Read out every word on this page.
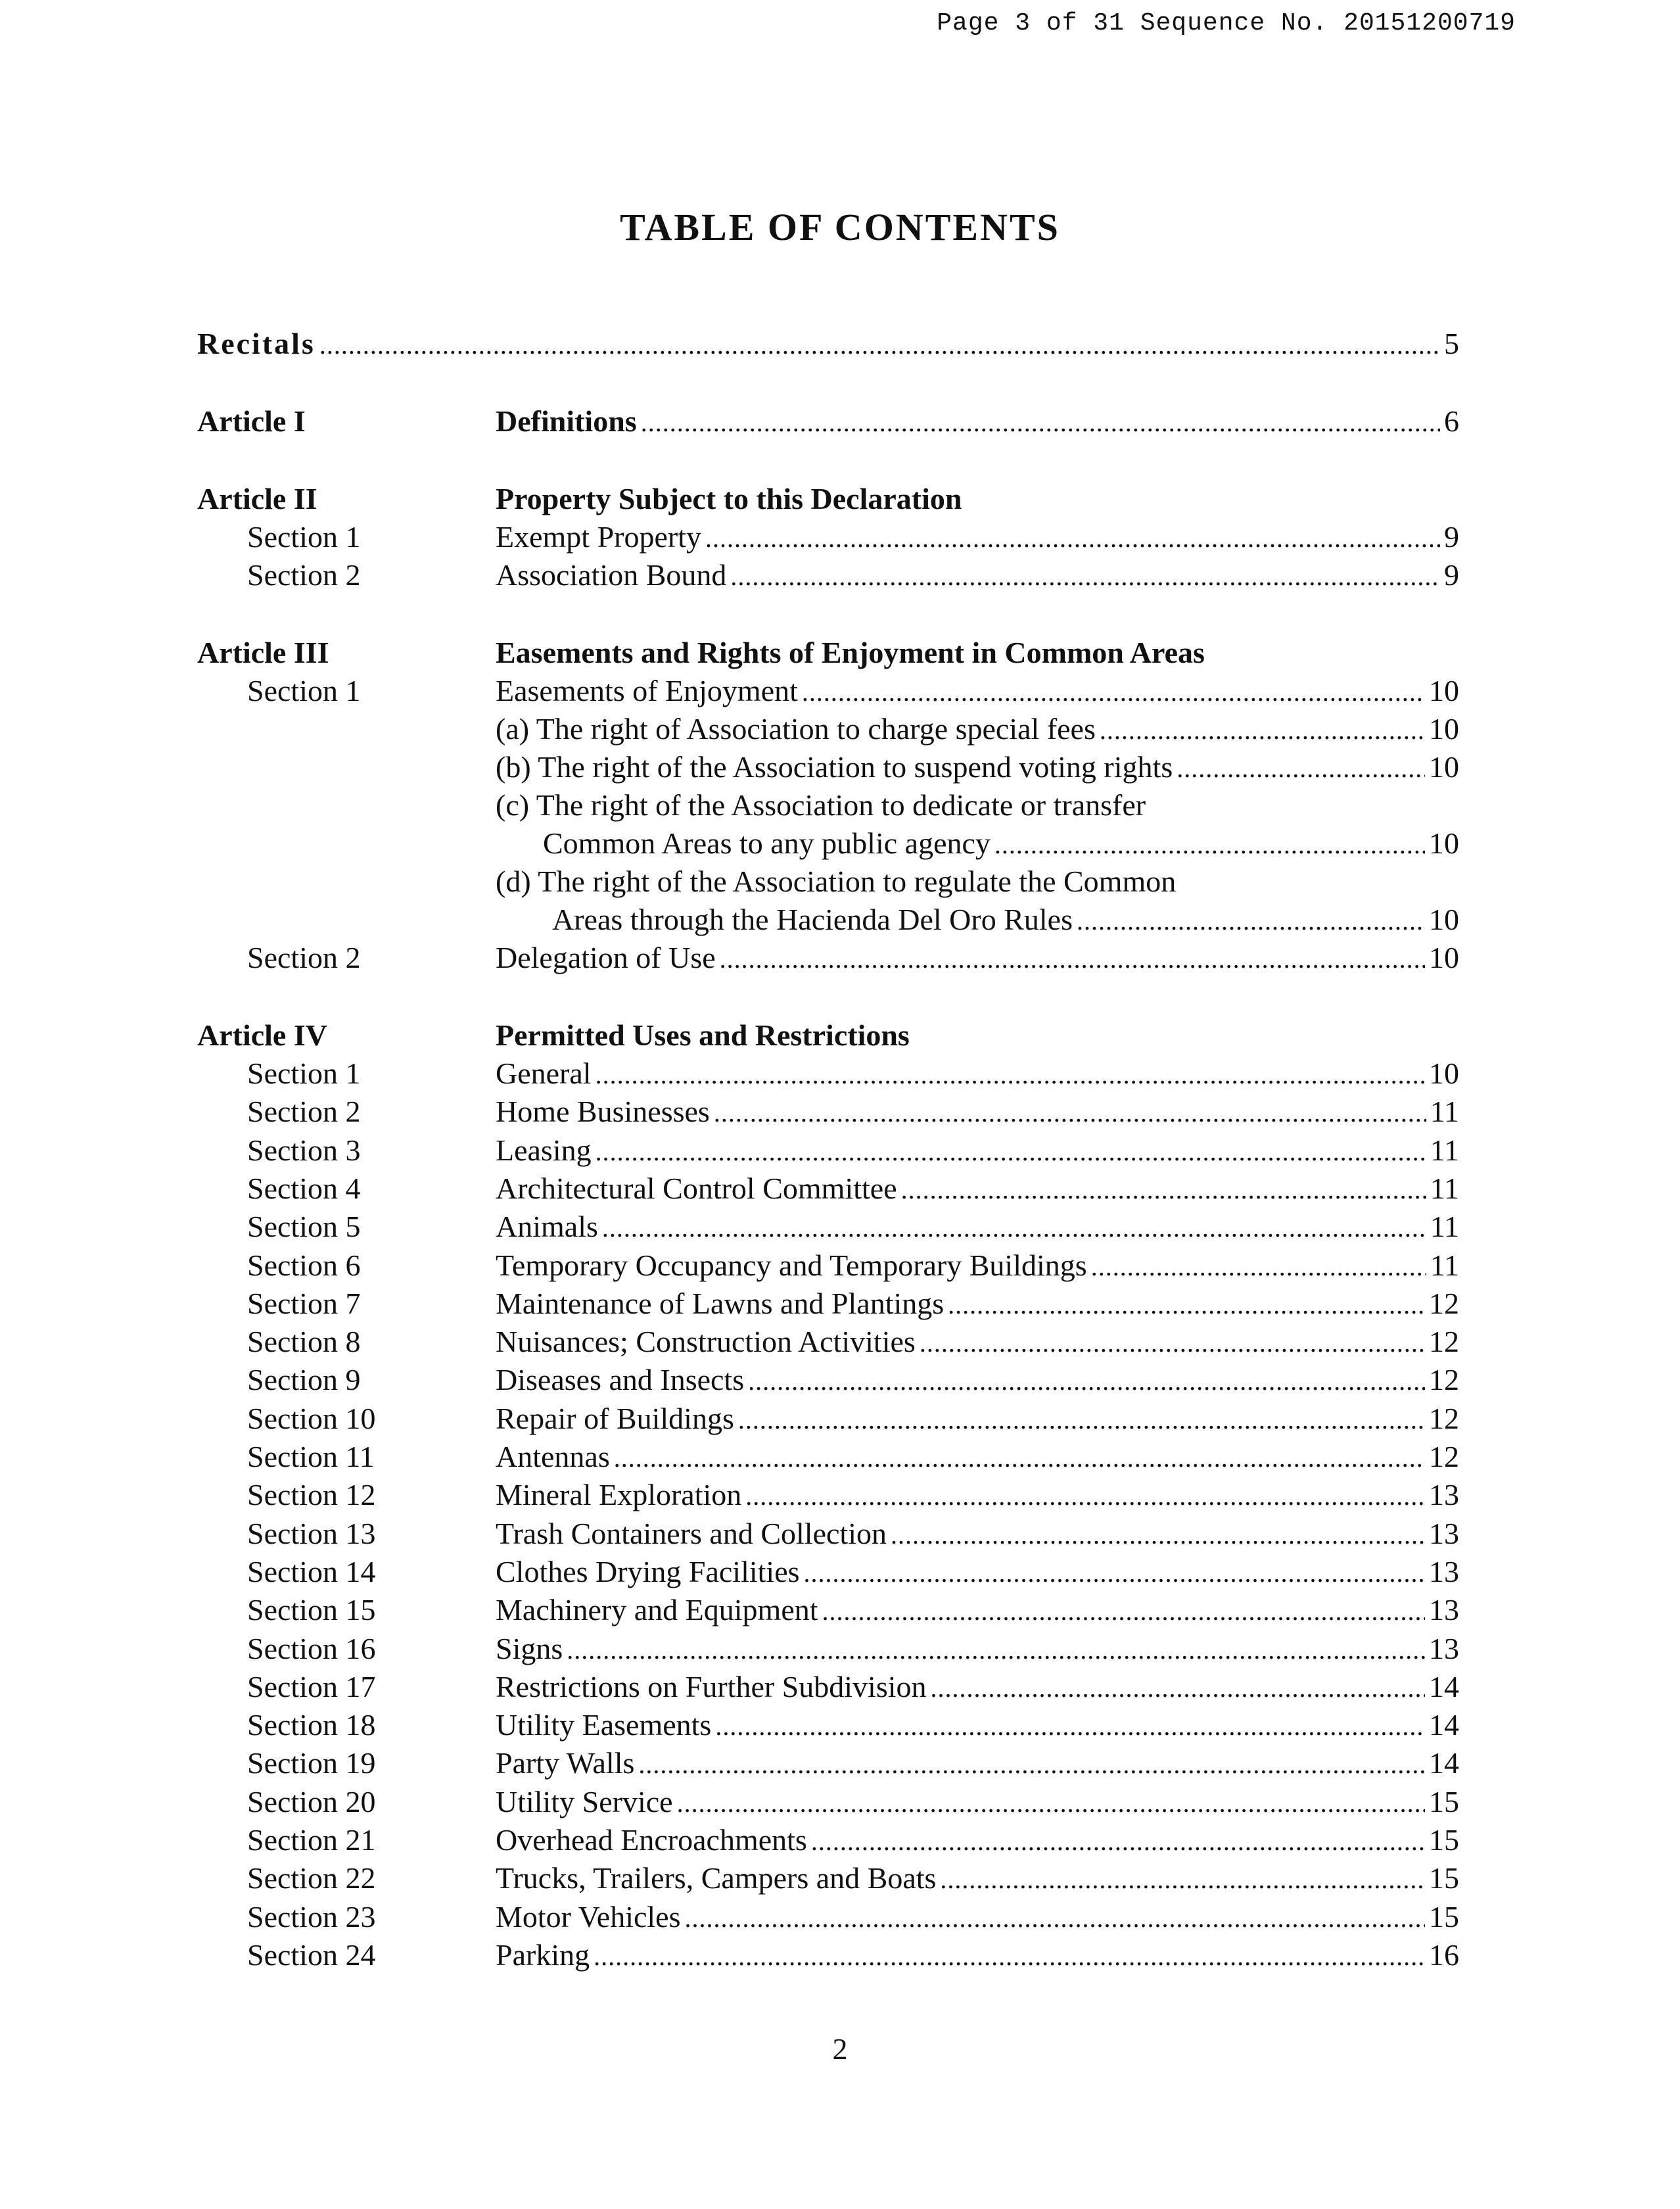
Page 3 of 31 Sequence No. 20151200719
TABLE OF CONTENTS
Recitals .....	5
Article I	Definitions .....	6
Article II	Property Subject to this Declaration
Section 1	Exempt Property .....	9
Section 2	Association Bound .....	9
Article III	Easements and Rights of Enjoyment in Common Areas
Section 1	Easements of Enjoyment .....	10
(a) The right of Association to charge special fees .....	10
(b) The right of the Association to suspend voting rights .....	10
(c) The right of the Association to dedicate or transfer
Common Areas to any public agency .....	10
(d) The right of the Association to regulate the Common
Areas through the Hacienda Del Oro Rules .....	10
Section 2	Delegation of Use .....	10
Article IV	Permitted Uses and Restrictions
Section 1	General .....	10
Section 2	Home Businesses .....	11
Section 3	Leasing .....	11
Section 4	Architectural Control Committee .....	11
Section 5	Animals .....	11
Section 6	Temporary Occupancy and Temporary Buildings .....	11
Section 7	Maintenance of Lawns and Plantings .....	12
Section 8	Nuisances; Construction Activities .....	12
Section 9	Diseases and Insects .....	12
Section 10	Repair of Buildings .....	12
Section 11	Antennas .....	12
Section 12	Mineral Exploration .....	13
Section 13	Trash Containers and Collection .....	13
Section 14	Clothes Drying Facilities .....	13
Section 15	Machinery and Equipment .....	13
Section 16	Signs .....	13
Section 17	Restrictions on Further Subdivision .....	14
Section 18	Utility Easements .....	14
Section 19	Party Walls .....	14
Section 20	Utility Service .....	15
Section 21	Overhead Encroachments .....	15
Section 22	Trucks, Trailers, Campers and Boats .....	15
Section 23	Motor Vehicles .....	15
Section 24	Parking .....	16
2
